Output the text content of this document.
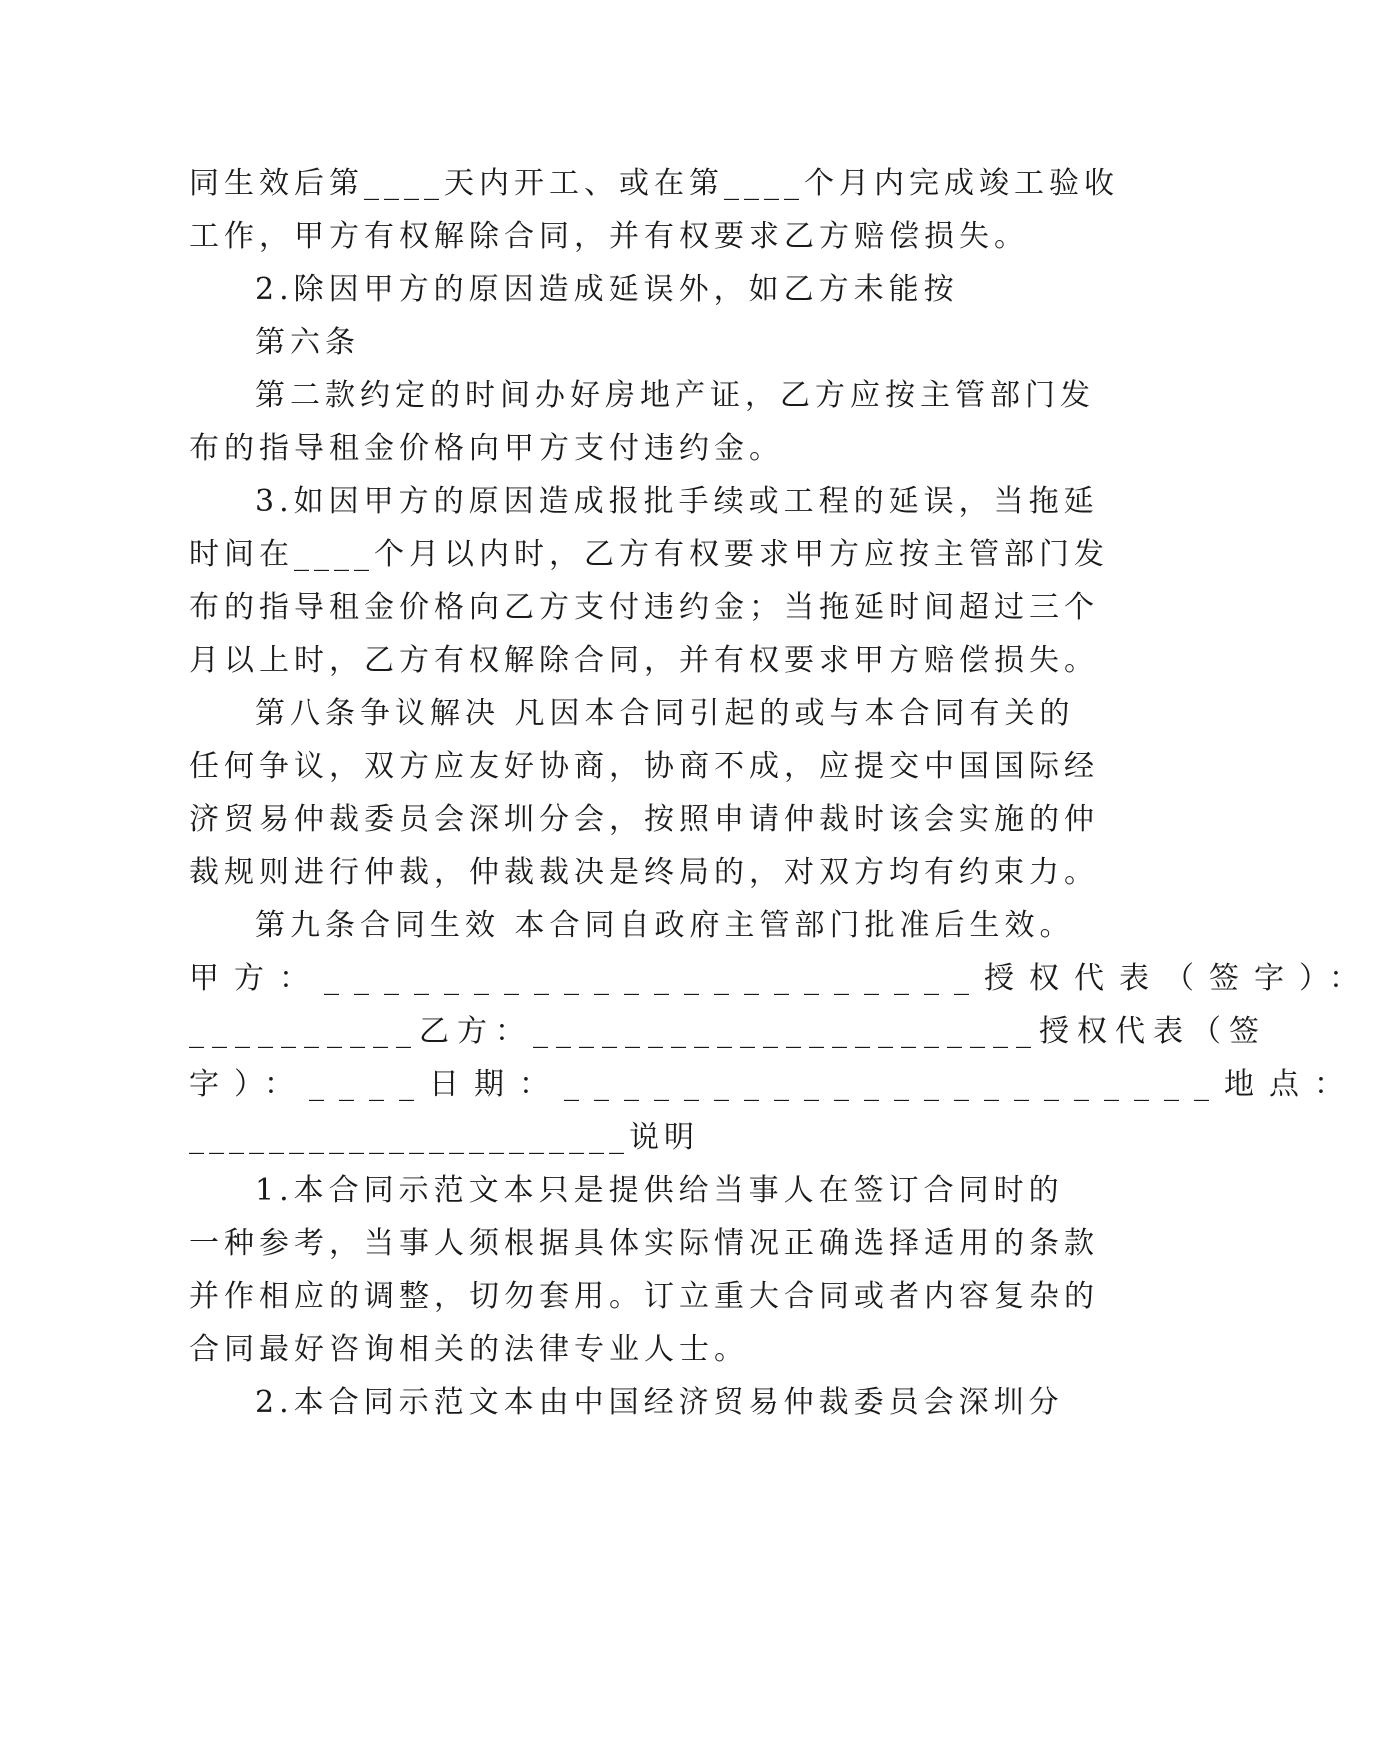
同生效后第____天内开工、或在第____个月内完成竣工验收
工作，甲方有权解除合同，并有权要求乙方赔偿损失。
2.除因甲方的原因造成延误外，如乙方未能按
第六条
第二款约定的时间办好房地产证，乙方应按主管部门发
布的指导租金价格向甲方支付违约金。
3.如因甲方的原因造成报批手续或工程的延误，当拖延
时间在____个月以内时，乙方有权要求甲方应按主管部门发
布的指导租金价格向乙方支付违约金；当拖延时间超过三个
月以上时，乙方有权解除合同，并有权要求甲方赔偿损失。
第八条争议解决 凡因本合同引起的或与本合同有关的
任何争议，双方应友好协商，协商不成，应提交中国国际经
济贸易仲裁委员会深圳分会，按照申请仲裁时该会实施的仲
裁规则进行仲裁，仲裁裁决是终局的，对双方均有约束力。
第九条合同生效 本合同自政府主管部门批准后生效。
甲方：______________________授权代表（签字）：
__________乙方：______________________授权代表（签
字）：____日期：______________________地点：
______________________说明
1.本合同示范文本只是提供给当事人在签订合同时的
一种参考，当事人须根据具体实际情况正确选择适用的条款
并作相应的调整，切勿套用。订立重大合同或者内容复杂的
合同最好咨询相关的法律专业人士。
2.本合同示范文本由中国经济贸易仲裁委员会深圳分
